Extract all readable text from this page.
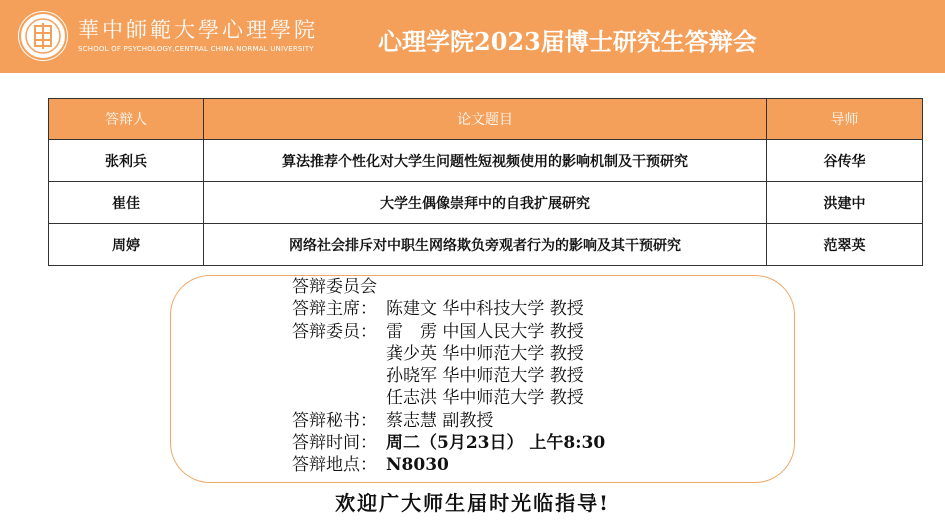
華中師範大學心理學院
SCHOOL OF PSYCHOLOGY,CENTRAL CHINA NORMAL UNIVERSITY	心理学院2023届博士研究生答辩会
答辩人	论文题目	导师
张利兵	算法推荐个性化对大学生问题性短视频使用的影响机制及干预研究	谷传华
崔佳	大学生偶像崇拜中的自我扩展研究	洪建中
周婷	网络社会排斥对中职生网络欺负旁观者行为的影响及其干预研究	范翠英
答辩委员会
答辩主席： 陈建文 华中科技大学 教授
答辩委员： 雷　雳 中国人民大学 教授
龚少英 华中师范大学 教授
孙晓军 华中师范大学 教授
任志洪 华中师范大学 教授
答辩秘书： 蔡志慧 副教授
答辩时间： 周二（5月23日） 上午8:30
答辩地点： N8030
欢迎广大师生届时光临指导!
